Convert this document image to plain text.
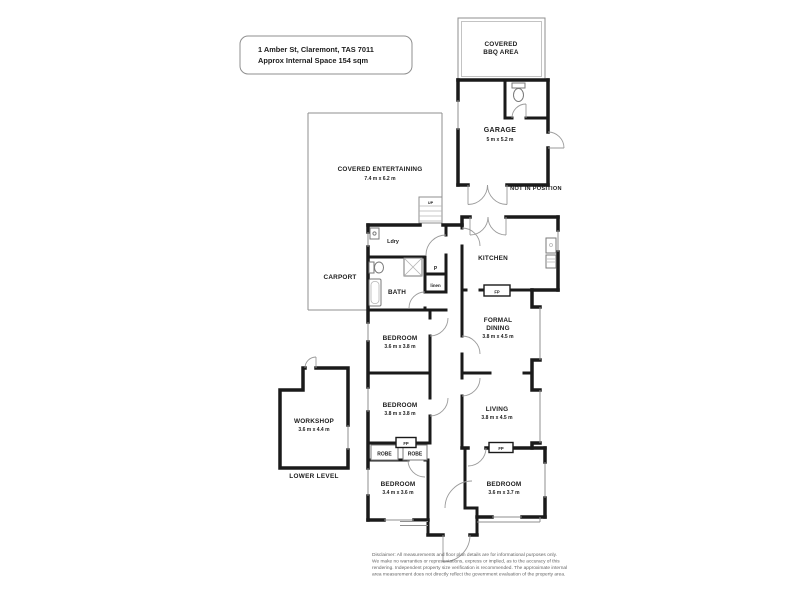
1 Amber St, Claremont, TAS 7011
Approx Internal Space 154 sqm
COVERED
BBQ AREA
GARAGE
5 m x 5.2 m
NOT IN POSITION
COVERED ENTERTAINING
7.4 m x 6.2 m
CARPORT
UP
ROBE	ROBE
FP
FP
FP
Ldry
KITCHEN
BATH
P
linen
FORMAL
DINING
3.8 m x 4.5 m
LIVING
3.8 m x 4.5 m
BEDROOM
3.6 m x 3.8 m
BEDROOM
3.8 m x 3.8 m
BEDROOM
3.4 m x 3.6 m
BEDROOM
3.6 m x 3.7 m
WORKSHOP
3.6 m x 4.4 m
LOWER LEVEL
Disclaimer: All measurements and floor plan details are for informational purposes only.
We make no warranties or representations, express or implied, as to the accuracy of this
rendering. Independent property size verification is recommended. The approximate internal
area measurement does not directly reflect the government evaluation of the property area.
